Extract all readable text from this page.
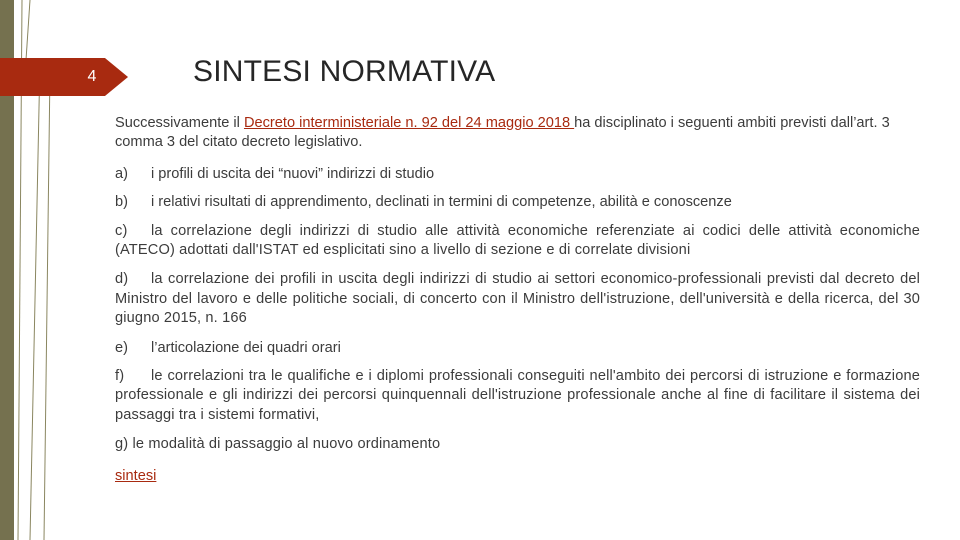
4	SINTESI NORMATIVA

Successivamente il Decreto interministeriale n. 92 del 24 maggio 2018 ha disciplinato i seguenti ambiti previsti dall’art. 3 comma 3 del citato decreto legislativo.

a)	i profili di uscita dei “nuovi” indirizzi di studio
b)	i relativi risultati di apprendimento, declinati in termini di competenze, abilità e conoscenze

c) la correlazione degli indirizzi di studio alle attività economiche referenziate ai codici delle attività economiche (ATECO) adottati dall'ISTAT ed esplicitati sino a livello di sezione e di correlate divisioni

d) la correlazione dei profili in uscita degli indirizzi di studio ai settori economico-professionali previsti dal decreto del Ministro del lavoro e delle politiche sociali, di concerto con il Ministro dell'istruzione, dell'università e della ricerca, del 30 giugno 2015, n. 166

e)	l’articolazione dei quadri orari

f) le correlazioni tra le qualifiche e i diplomi professionali conseguiti nell'ambito dei percorsi di istruzione e formazione professionale e gli indirizzi dei percorsi quinquennali dell'istruzione professionale anche al fine di facilitare il sistema dei passaggi tra i sistemi formativi,

g) le modalità di passaggio al nuovo ordinamento

sintesi
